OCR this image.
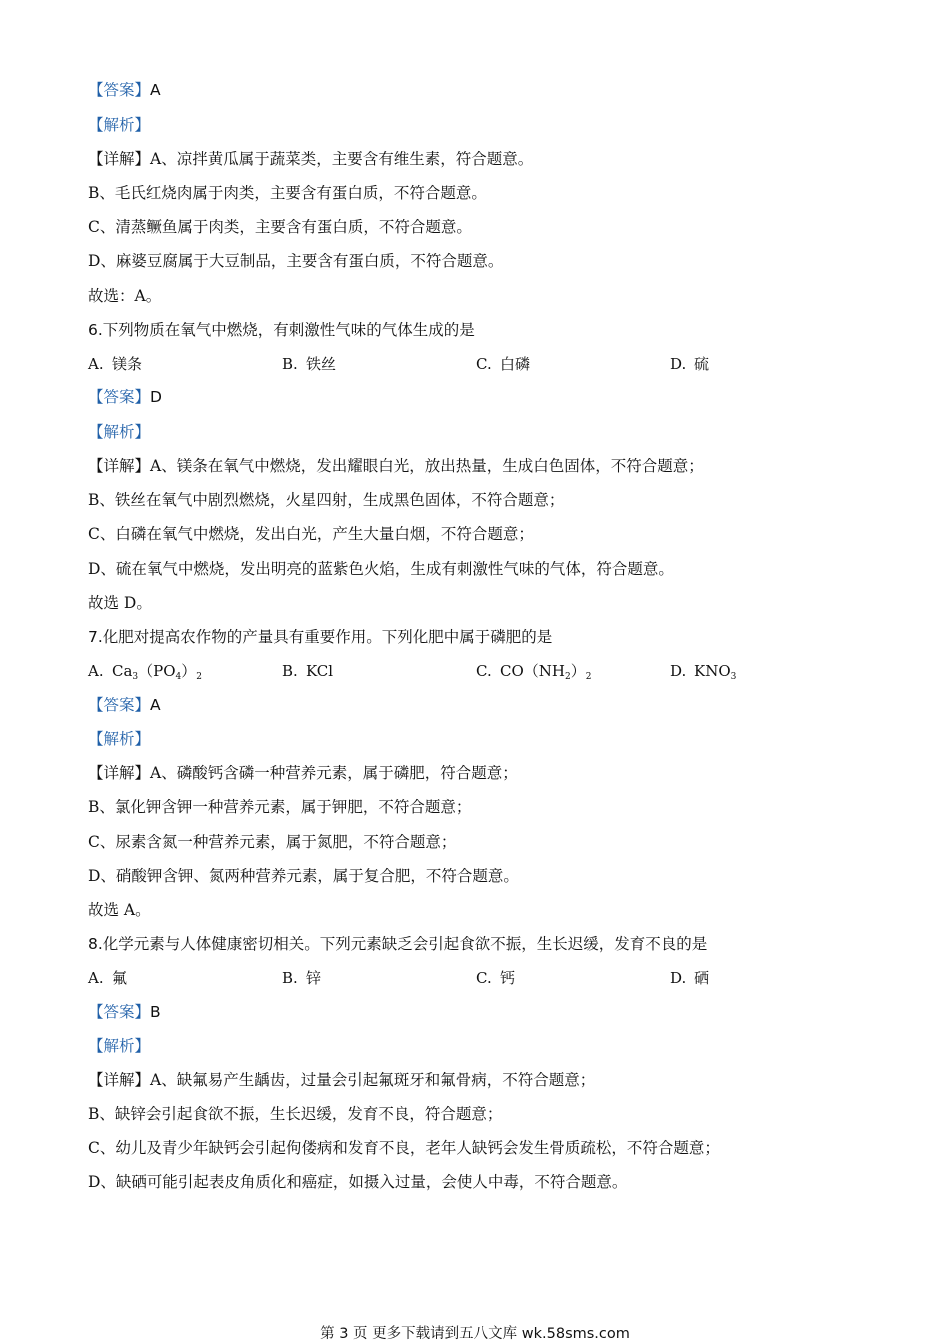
【答案】A
【解析】
【详解】A、凉拌黄瓜属于蔬菜类，主要含有维生素，符合题意。
B、毛氏红烧肉属于肉类，主要含有蛋白质，不符合题意。
C、清蒸鳜鱼属于肉类，主要含有蛋白质，不符合题意。
D、麻婆豆腐属于大豆制品，主要含有蛋白质，不符合题意。
故选：A。
6.下列物质在氧气中燃烧，有刺激性气味的气体生成的是
A. 镁条	B. 铁丝	C. 白磷	D. 硫
【答案】D
【解析】
【详解】A、镁条在氧气中燃烧，发出耀眼白光，放出热量，生成白色固体，不符合题意；
B、铁丝在氧气中剧烈燃烧，火星四射，生成黑色固体，不符合题意；
C、白磷在氧气中燃烧，发出白光，产生大量白烟，不符合题意；
D、硫在氧气中燃烧，发出明亮的蓝紫色火焰，生成有刺激性气味的气体，符合题意。
故选 D。
7.化肥对提高农作物的产量具有重要作用。下列化肥中属于磷肥的是
A. $Ca_3(PO_4)_2$	B. KCl	C. $CO(NH_2)_2$	D. $KNO_3$
【答案】A
【解析】
【详解】A、磷酸钙含磷一种营养元素，属于磷肥，符合题意；
B、氯化钾含钾一种营养元素，属于钾肥，不符合题意；
C、尿素含氮一种营养元素，属于氮肥，不符合题意；
D、硝酸钾含钾、氮两种营养元素，属于复合肥，不符合题意。
故选 A。
8.化学元素与人体健康密切相关。下列元素缺乏会引起食欲不振，生长迟缓，发育不良的是
A. 氟	B. 锌	C. 钙	D. 硒
【答案】B
【解析】
【详解】A、缺氟易产生龋齿，过量会引起氟斑牙和氟骨病，不符合题意；
B、缺锌会引起食欲不振，生长迟缓，发育不良，符合题意；
C、幼儿及青少年缺钙会引起佝偻病和发育不良，老年人缺钙会发生骨质疏松，不符合题意；
D、缺硒可能引起表皮角质化和癌症，如摄入过量，会使人中毒，不符合题意。
第 3 页 更多下载请到五八文库 wk.58sms.com
